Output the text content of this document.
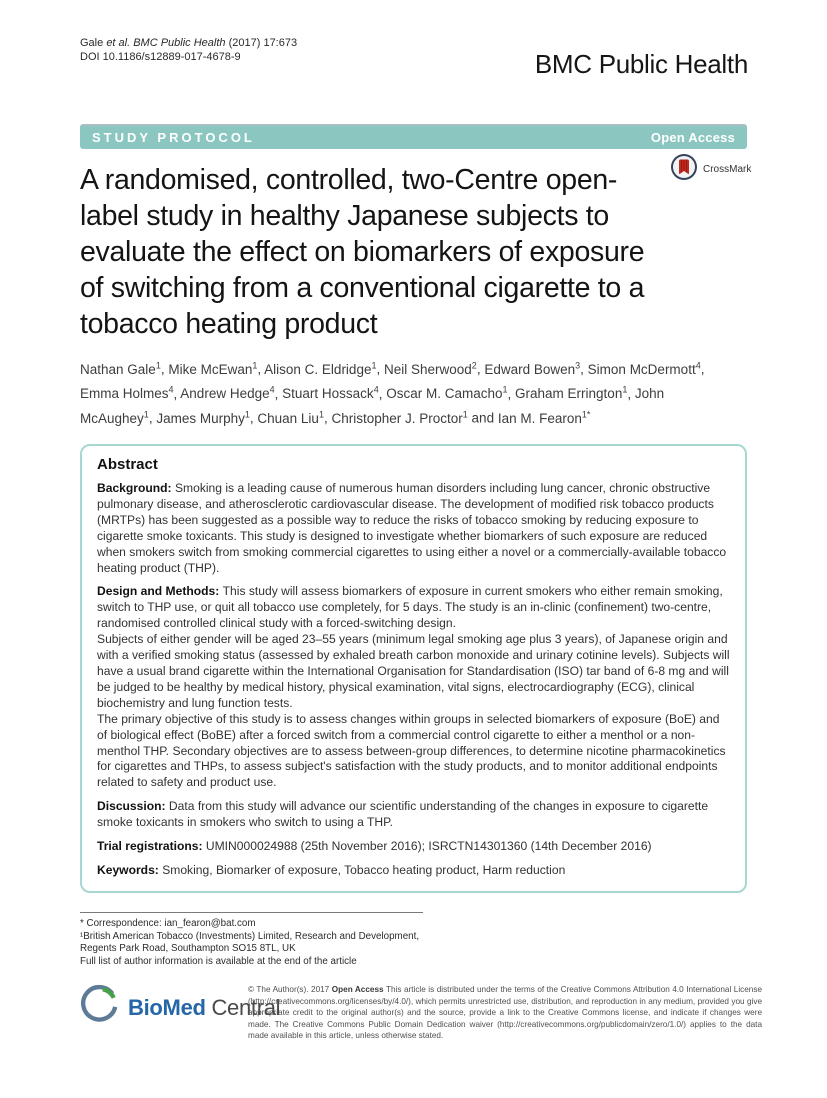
Gale et al. BMC Public Health (2017) 17:673
DOI 10.1186/s12889-017-4678-9	BMC Public Health
STUDY PROTOCOL	Open Access
CrossMark
A randomised, controlled, two-Centre open-label study in healthy Japanese subjects to evaluate the effect on biomarkers of exposure of switching from a conventional cigarette to a tobacco heating product
Nathan Gale$^1$, Mike McEwan$^1$, Alison C. Eldridge$^1$, Neil Sherwood$^2$, Edward Bowen$^3$, Simon McDermott$^4$, Emma Holmes$^4$, Andrew Hedge$^4$, Stuart Hossack$^4$, Oscar M. Camacho$^1$, Graham Errington$^1$, John McAughey$^1$, James Murphy$^1$, Chuan Liu$^1$, Christopher J. Proctor$^1$ and Ian M. Fearon$^{1*}$
Abstract

Background: Smoking is a leading cause of numerous human disorders including lung cancer, chronic obstructive pulmonary disease, and atherosclerotic cardiovascular disease. The development of modified risk tobacco products (MRTPs) has been suggested as a possible way to reduce the risks of tobacco smoking by reducing exposure to cigarette smoke toxicants. This study is designed to investigate whether biomarkers of such exposure are reduced when smokers switch from smoking commercial cigarettes to using either a novel or a commercially-available tobacco heating product (THP).

Design and Methods: This study will assess biomarkers of exposure in current smokers who either remain smoking, switch to THP use, or quit all tobacco use completely, for 5 days. The study is an in-clinic (confinement) two-centre, randomised controlled clinical study with a forced-switching design.

Subjects of either gender will be aged 23–55 years (minimum legal smoking age plus 3 years), of Japanese origin and with a verified smoking status (assessed by exhaled breath carbon monoxide and urinary cotinine levels). Subjects will have a usual brand cigarette within the International Organisation for Standardisation (ISO) tar band of 6-8 mg and will be judged to be healthy by medical history, physical examination, vital signs, electrocardiography (ECG), clinical biochemistry and lung function tests.

The primary objective of this study is to assess changes within groups in selected biomarkers of exposure (BoE) and of biological effect (BoBE) after a forced switch from a commercial control cigarette to either a menthol or a non-menthol THP. Secondary objectives are to assess between-group differences, to determine nicotine pharmacokinetics for cigarettes and THPs, to assess subject's satisfaction with the study products, and to monitor additional endpoints related to safety and product use.

Discussion: Data from this study will advance our scientific understanding of the changes in exposure to cigarette smoke toxicants in smokers who switch to using a THP.

Trial registrations: UMIN000024988 (25th November 2016); ISRCTN14301360 (14th December 2016)

Keywords: Smoking, Biomarker of exposure, Tobacco heating product, Harm reduction

* Correspondence: ian_fearon@bat.com
¹British American Tobacco (Investments) Limited, Research and Development, Regents Park Road, Southampton SO15 8TL, UK
Full list of author information is available at the end of the article
BioMed Central
© The Author(s). 2017 Open Access This article is distributed under the terms of the Creative Commons Attribution 4.0 International License (http://creativecommons.org/licenses/by/4.0/), which permits unrestricted use, distribution, and reproduction in any medium, provided you give appropriate credit to the original author(s) and the source, provide a link to the Creative Commons license, and indicate if changes were made. The Creative Commons Public Domain Dedication waiver (http://creativecommons.org/publicdomain/zero/1.0/) applies to the data made available in this article, unless otherwise stated.
